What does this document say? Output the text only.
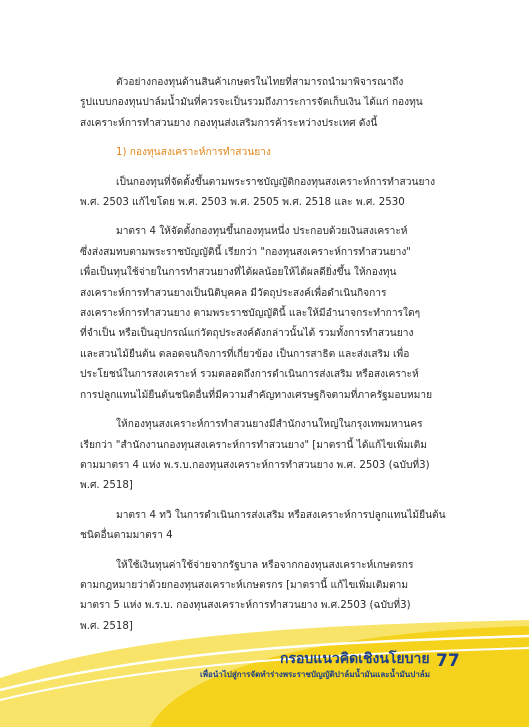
ตัวอย่างกองทุนด้านสินค้าเกษตรในไทยที่สามารถนำมาพิจารณาถึง
รูปแบบกองทุนปาล์มน้ำมันที่ควรจะเป็นรวมถึงภาระการจัดเก็บเงิน ได้แก่ กองทุน
สงเคราะห์การทำสวนยาง กองทุนส่งเสริมการค้าระหว่างประเทศ ดังนี้

1) กองทุนสงเคราะห์การทำสวนยาง

เป็นกองทุนที่จัดตั้งขึ้นตามพระราชบัญญัติกองทุนสงเคราะห์การทำสวนยาง
พ.ศ. 2503 แก้ไขโดย พ.ศ. 2503 พ.ศ. 2505 พ.ศ. 2518 และ พ.ศ. 2530

มาตรา 4 ให้จัดตั้งกองทุนขึ้นกองทุนหนึ่ง ประกอบด้วยเงินสงเคราะห์
ซึ่งส่งสมทบตามพระราชบัญญัตินี้ เรียกว่า "กองทุนสงเคราะห์การทำสวนยาง"
เพื่อเป็นทุนใช้จ่ายในการทำสวนยางที่ได้ผลน้อยให้ได้ผลดียิ่งขึ้น ให้กองทุน
สงเคราะห์การทำสวนยางเป็นนิติบุคคล มีวัตถุประสงค์เพื่อดำเนินกิจการ
สงเคราะห์การทำสวนยาง ตามพระราชบัญญัตินี้ และให้มีอำนาจกระทำการใดๆ
ที่จำเป็น หรือเป็นอุปกรณ์แก่วัตถุประสงค์ดังกล่าวนั้นได้ รวมทั้งการทำสวนยาง
และสวนไม้ยืนต้น ตลอดจนกิจการที่เกี่ยวข้อง เป็นการสาธิต และส่งเสริม เพื่อ
ประโยชน์ในการสงเคราะห์ รวมตลอดถึงการดำเนินการส่งเสริม หรือสงเคราะห์
การปลูกแทนไม้ยืนต้นชนิดอื่นที่มีความสำคัญทางเศรษฐกิจตามที่ภาครัฐมอบหมาย

ให้กองทุนสงเคราะห์การทำสวนยางมีสำนักงานใหญ่ในกรุงเทพมหานคร
เรียกว่า "สำนักงานกองทุนสงเคราะห์การทำสวนยาง" [มาตรานี้ ได้แก้ไขเพิ่มเติม
ตามมาตรา 4 แห่ง พ.ร.บ.กองทุนสงเคราะห์การทำสวนยาง พ.ศ. 2503 (ฉบับที่3)
พ.ศ. 2518]

มาตรา 4 ทวิ ในการดำเนินการส่งเสริม หรือสงเคราะห์การปลูกแทนไม้ยืนต้น
ชนิดอื่นตามมาตรา 4

ให้ใช้เงินทุนค่าใช้จ่ายจากรัฐบาล หรือจากกองทุนสงเคราะห์เกษตรกร
ตามกฎหมายว่าด้วยกองทุนสงเคราะห์เกษตรกร [มาตรานี้ แก้ไขเพิ่มเติมตาม
มาตรา 5 แห่ง พ.ร.บ. กองทุนสงเคราะห์การทำสวนยาง พ.ศ.2503 (ฉบับที่3)
พ.ศ. 2518]

กรอบแนวคิดเชิงนโยบาย
เพื่อนำไปสู่การจัดทำร่างพระราชบัญญัติปาล์มน้ำมันและน้ำมันปาล์ม
77
